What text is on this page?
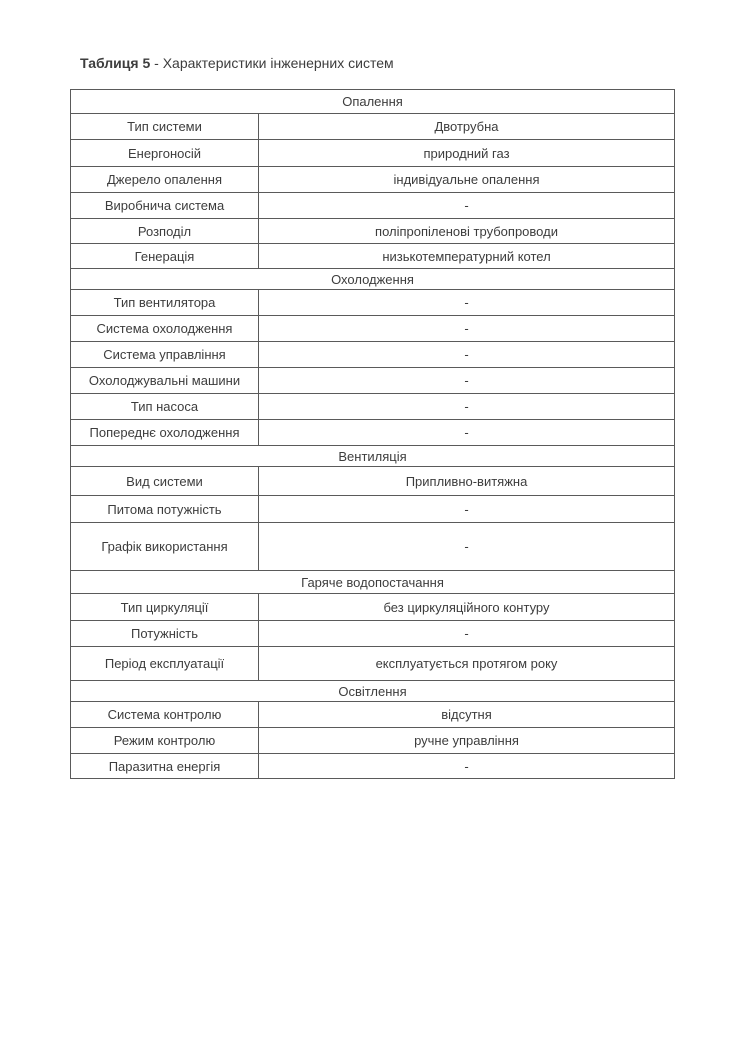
Таблиця 5 - Характеристики інженерних систем
Опалення	
Тип системи	Двотрубна
Енергоносій	природний газ
Джерело опалення	індивідуальне опалення
Виробнича система	-
Розподіл	поліпропіленові трубопроводи
Генерація	низькотемпературний котел
Охолодження	
Тип вентилятора	-
Система охолодження	-
Система управління	-
Охолоджувальні машини	-
Тип насоса	-
Попереднє охолодження	-
Вентиляція	
Вид системи	Припливно-витяжна
Питома потужність	-
Графік використання	-
Гаряче водопостачання	
Тип циркуляції	без циркуляційного контуру
Потужність	-
Період експлуатації	експлуатується протягом року
Освітлення	
Система контролю	відсутня
Режим контролю	ручне управління
Паразитна енергія	-
